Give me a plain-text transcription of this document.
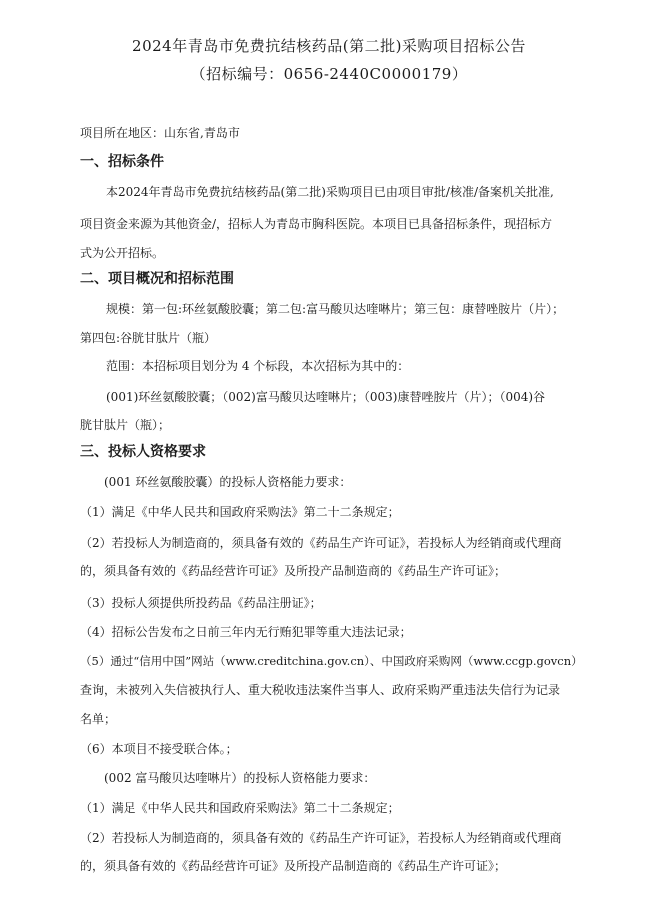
2024年青岛市免费抗结核药品(第二批)采购项目招标公告
（招标编号：0656-2440C0000179）
项目所在地区：山东省,青岛市
一、招标条件
本2024年青岛市免费抗结核药品(第二批)采购项目已由项目审批/核准/备案机关批准,
项目资金来源为其他资金/，招标人为青岛市胸科医院。本项目已具备招标条件，现招标方
式为公开招标。
二、项目概况和招标范围
规模：第一包:环丝氨酸胶囊；第二包:富马酸贝达喹啉片；第三包：康替唑胺片（片）；
第四包:谷胱甘肽片（瓶）
范围：本招标项目划分为 4 个标段，本次招标为其中的：
(001)环丝氨酸胶囊；（002)富马酸贝达喹啉片；（003)康替唑胺片（片）；（004)谷
胱甘肽片（瓶）；
三、投标人资格要求
(001 环丝氨酸胶囊）的投标人资格能力要求：
（1）满足《中华人民共和国政府采购法》第二十二条规定；
（2）若投标人为制造商的，须具备有效的《药品生产许可证》，若投标人为经销商或代理商
的，须具备有效的《药品经营许可证》及所投产品制造商的《药品生产许可证》；
（3）投标人须提供所投药品《药品注册证》；
（4）招标公告发布之日前三年内无行贿犯罪等重大违法记录；
（5）通过“信用中国”网站（www.creditchina.gov.cn）、中国政府采购网（www.ccgp.govcn）
查询，未被列入失信被执行人、重大税收违法案件当事人、政府采购严重违法失信行为记录
名单；
（6）本项目不接受联合体。；
(002 富马酸贝达喹啉片）的投标人资格能力要求：
（1）满足《中华人民共和国政府采购法》第二十二条规定；
（2）若投标人为制造商的，须具备有效的《药品生产许可证》，若投标人为经销商或代理商
的，须具备有效的《药品经营许可证》及所投产品制造商的《药品生产许可证》；
